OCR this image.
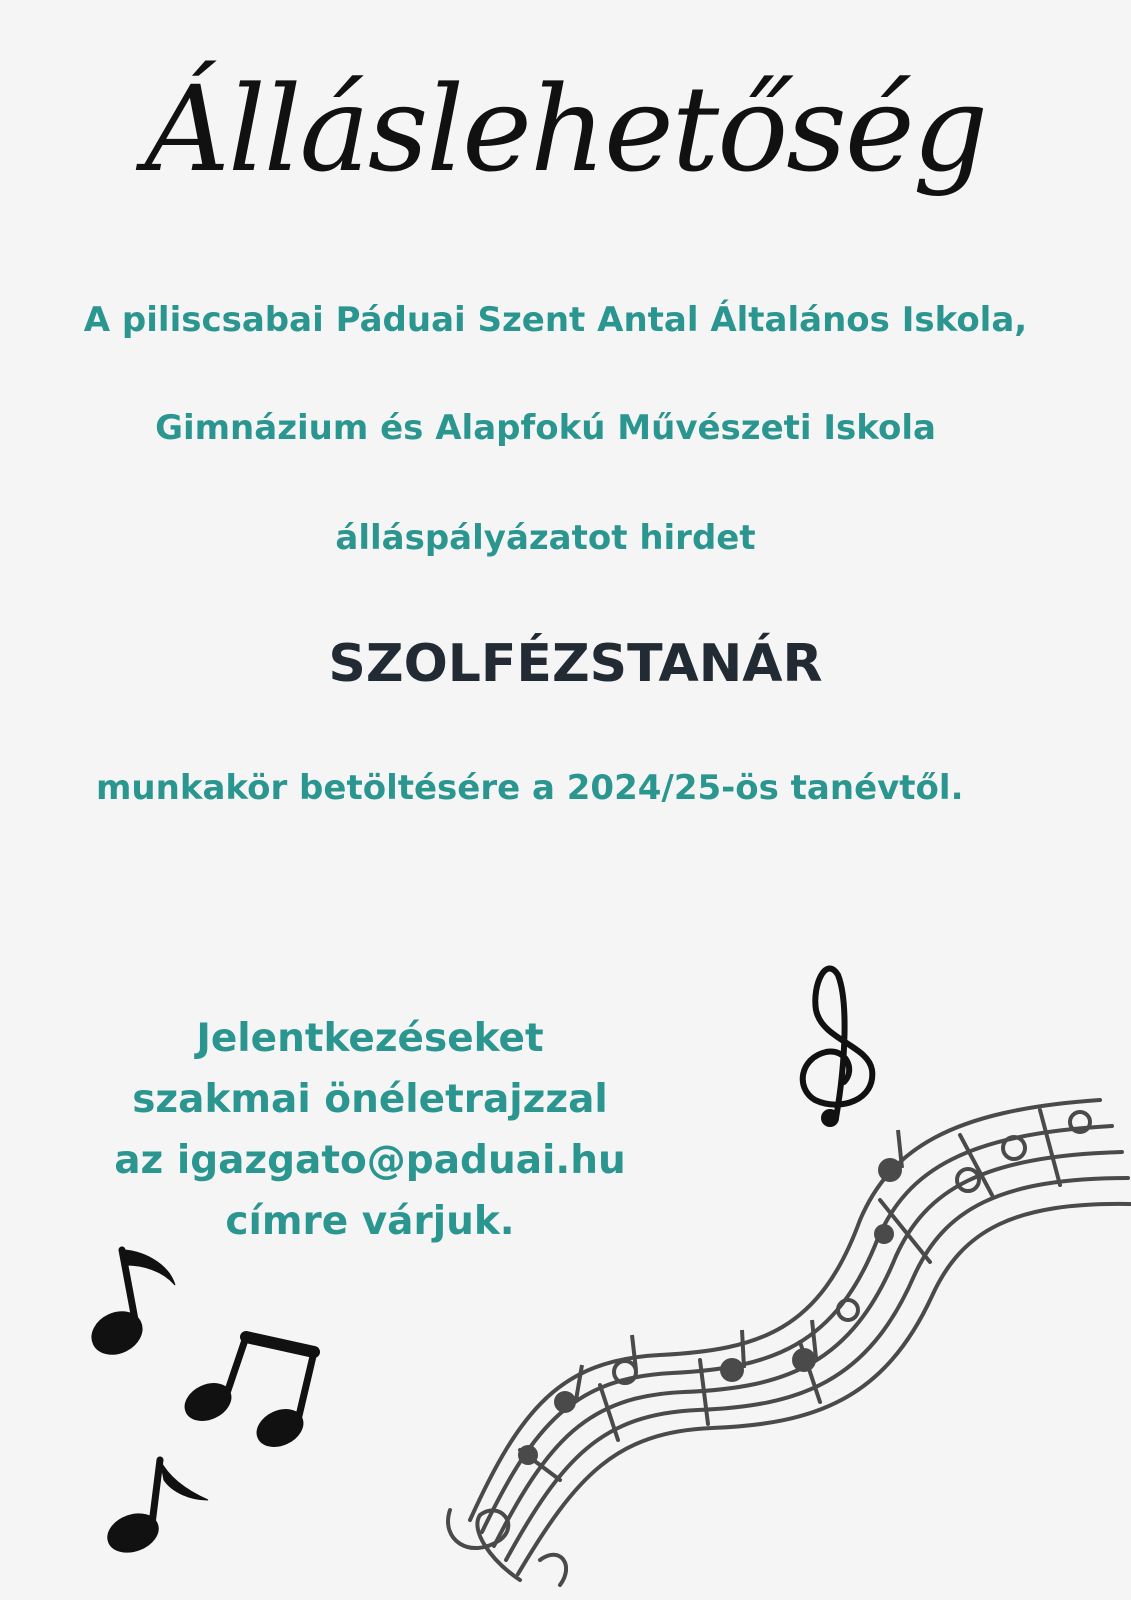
Álláslehetőség
A piliscsabai Páduai Szent Antal Általános Iskola,
Gimnázium és Alapfokú Művészeti Iskola
álláspályázatot hirdet
SZOLFÉZSTANÁR
munkakör betöltésére a 2024/25-ös tanévtől.
Jelentkezéseket
szakmai önéletrajzzal
az igazgato@paduai.hu
címre várjuk.
